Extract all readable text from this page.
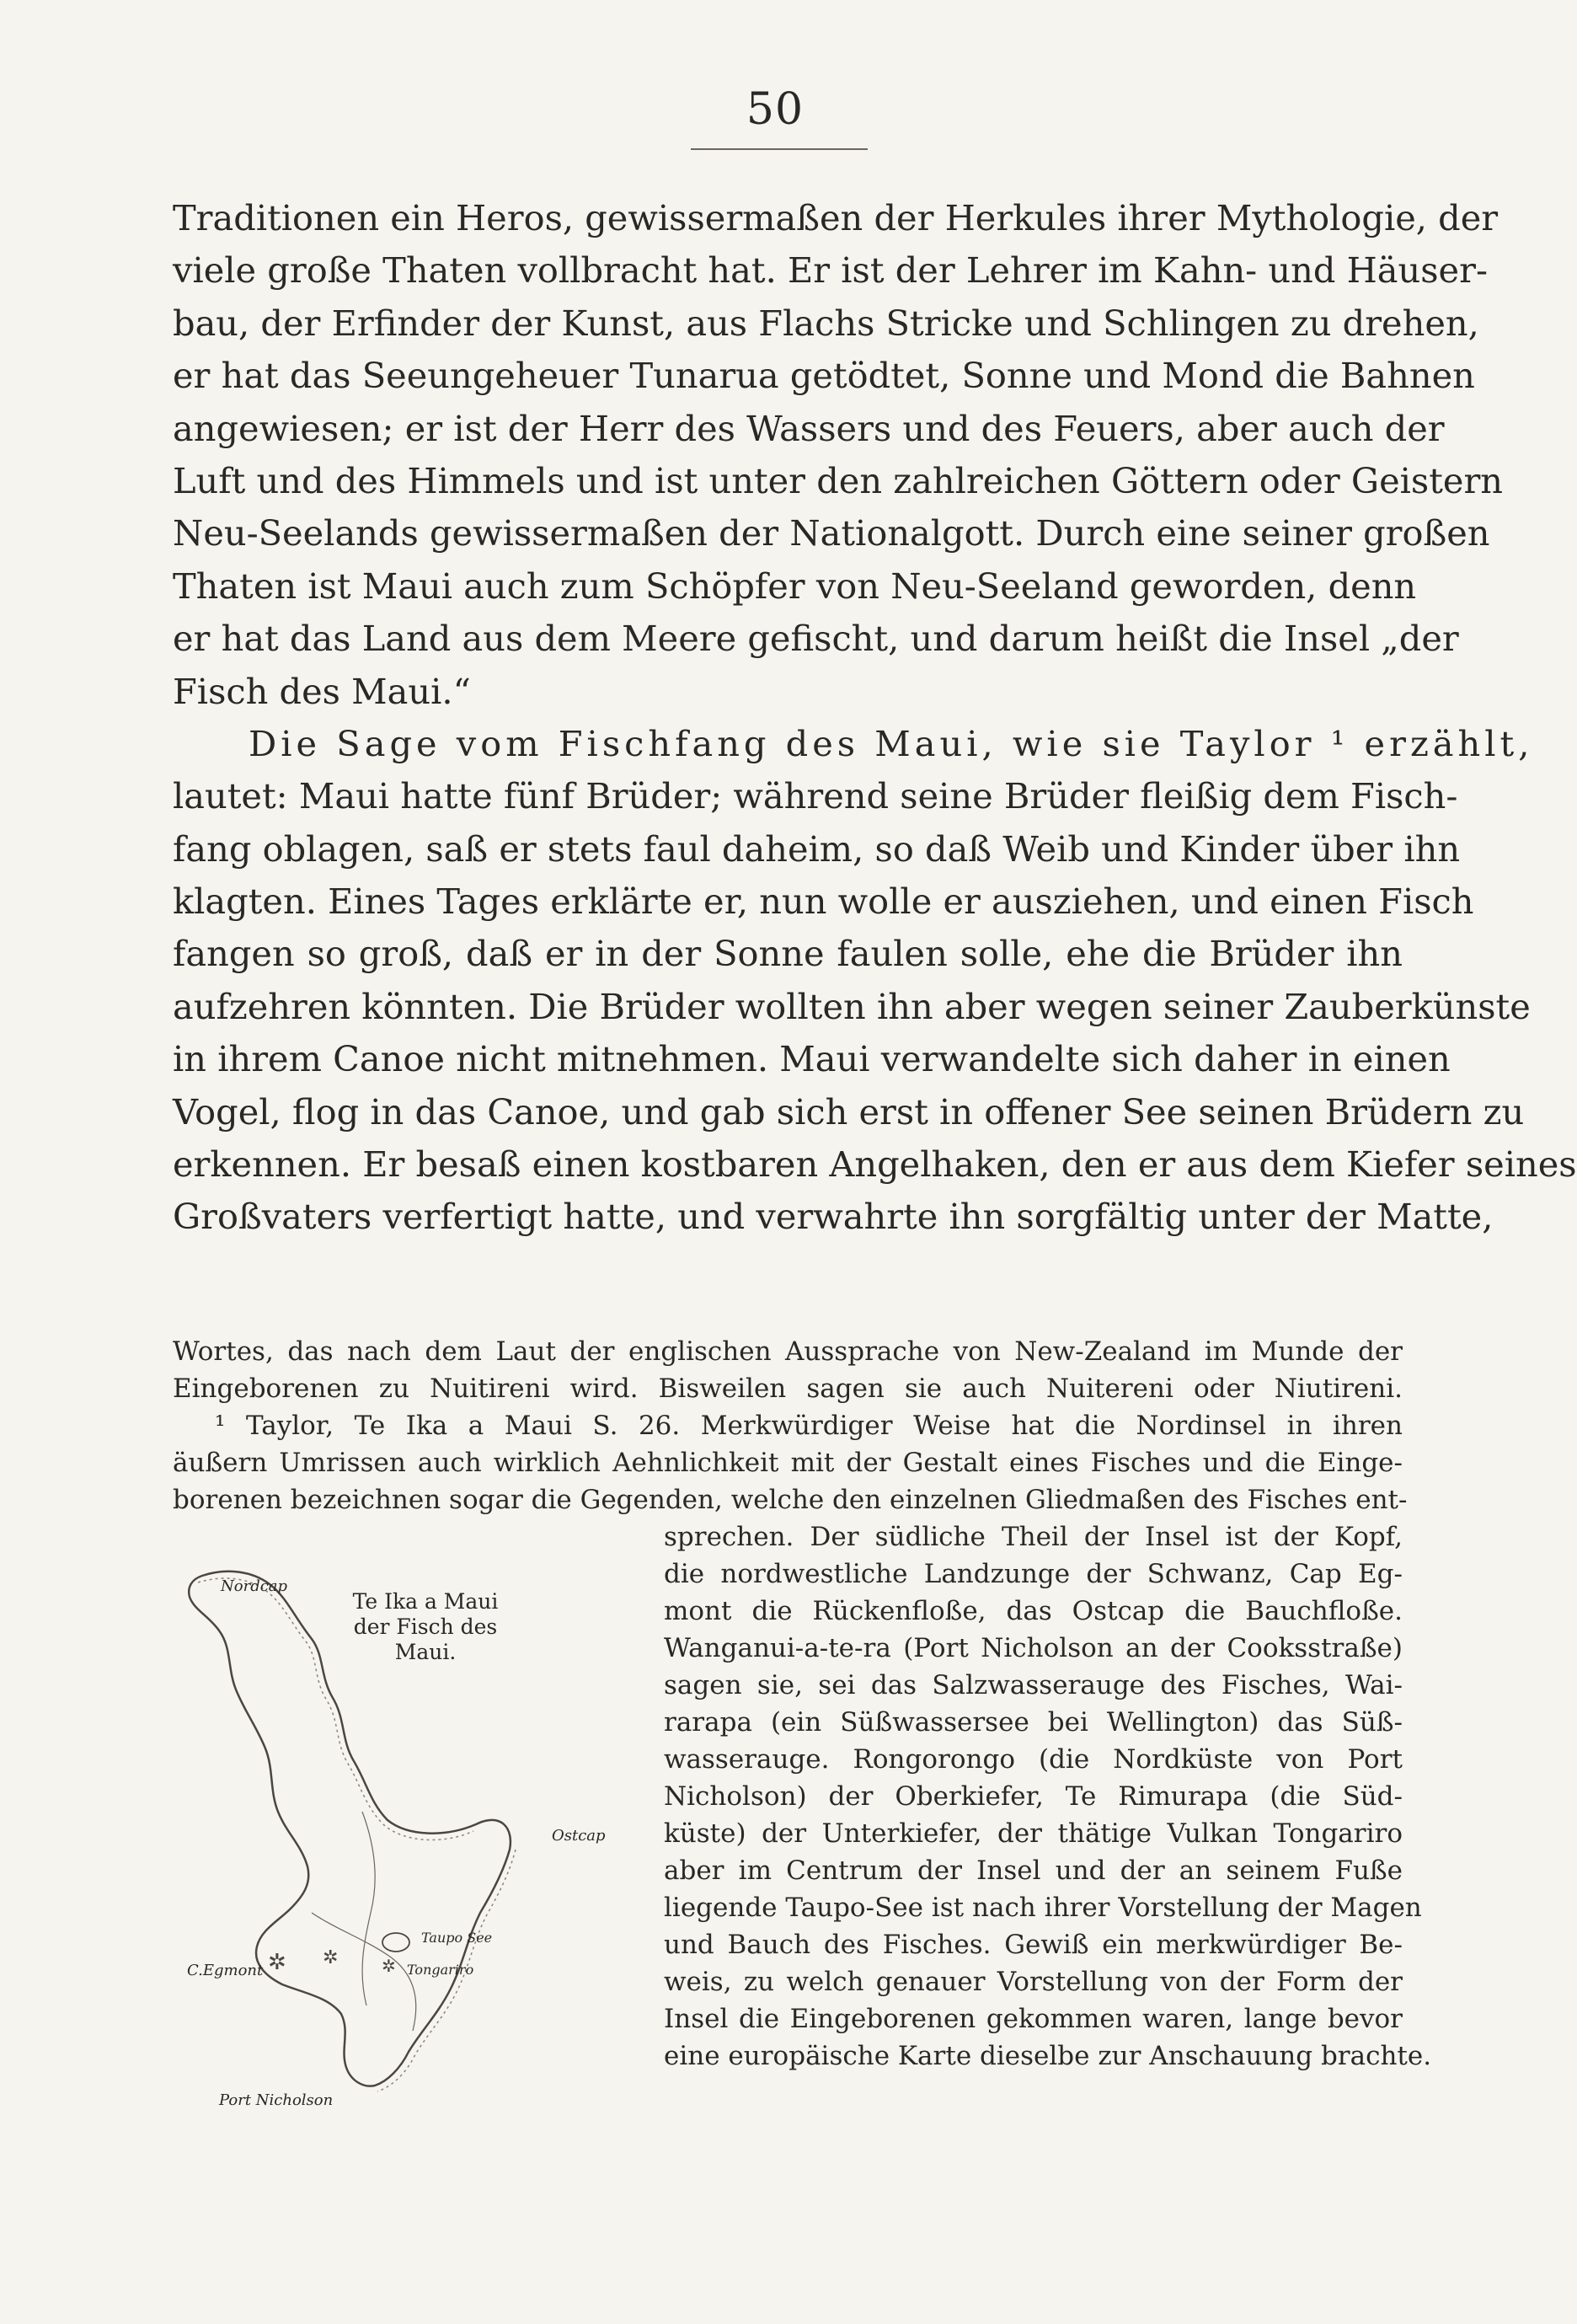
50
Traditionen ein Heros, gewissermaßen der Herkules ihrer Mythologie, der
viele große Thaten vollbracht hat. Er ist der Lehrer im Kahn- und Häuser-
bau, der Erfinder der Kunst, aus Flachs Stricke und Schlingen zu drehen,
er hat das Seeungeheuer Tunarua getödtet, Sonne und Mond die Bahnen
angewiesen; er ist der Herr des Wassers und des Feuers, aber auch der
Luft und des Himmels und ist unter den zahlreichen Göttern oder Geistern
Neu-Seelands gewissermaßen der Nationalgott. Durch eine seiner großen
Thaten ist Maui auch zum Schöpfer von Neu-Seeland geworden, denn
er hat das Land aus dem Meere gefischt, und darum heißt die Insel „der
Fisch des Maui.“
Die Sage vom Fischfang des Maui, wie sie Taylor ¹ erzählt,
lautet: Maui hatte fünf Brüder; während seine Brüder fleißig dem Fisch-
fang oblagen, saß er stets faul daheim, so daß Weib und Kinder über ihn
klagten. Eines Tages erklärte er, nun wolle er ausziehen, und einen Fisch
fangen so groß, daß er in der Sonne faulen solle, ehe die Brüder ihn
aufzehren könnten. Die Brüder wollten ihn aber wegen seiner Zauberkünste
in ihrem Canoe nicht mitnehmen. Maui verwandelte sich daher in einen
Vogel, flog in das Canoe, und gab sich erst in offener See seinen Brüdern zu
erkennen. Er besaß einen kostbaren Angelhaken, den er aus dem Kiefer seines
Großvaters verfertigt hatte, und verwahrte ihn sorgfältig unter der Matte,
Wortes, das nach dem Laut der englischen Aussprache von New-Zealand im Munde der
Eingeborenen zu Nuitireni wird. Bisweilen sagen sie auch Nuitereni oder Niutireni.
¹ Taylor, Te Ika a Maui S. 26. Merkwürdiger Weise hat die Nordinsel in ihren
äußern Umrissen auch wirklich Aehnlichkeit mit der Gestalt eines Fisches und die Einge-
borenen bezeichnen sogar die Gegenden, welche den einzelnen Gliedmaßen des Fisches ent-
sprechen. Der südliche Theil der Insel ist der Kopf,
die nordwestliche Landzunge der Schwanz, Cap Eg-
mont die Rückenfloße, das Ostcap die Bauchfloße.
Wanganui-a-te-ra (Port Nicholson an der Cooksstraße)
sagen sie, sei das Salzwasserauge des Fisches, Wai-
rarapa (ein Süßwassersee bei Wellington) das Süß-
wasserauge. Rongorongo (die Nordküste von Port
Nicholson) der Oberkiefer, Te Rimurapa (die Süd-
küste) der Unterkiefer, der thätige Vulkan Tongariro
aber im Centrum der Insel und der an seinem Fuße
liegende Taupo-See ist nach ihrer Vorstellung der Magen
und Bauch des Fisches. Gewiß ein merkwürdiger Be-
weis, zu welch genauer Vorstellung von der Form der
Insel die Eingeborenen gekommen waren, lange bevor
eine europäische Karte dieselbe zur Anschauung brachte.
✲ ✲	✲
Te Ika a Maui
der Fisch des Maui.
Nordcap
Ostcap
C.Egmont
Taupo See
Tongariro
Port Nicholson
